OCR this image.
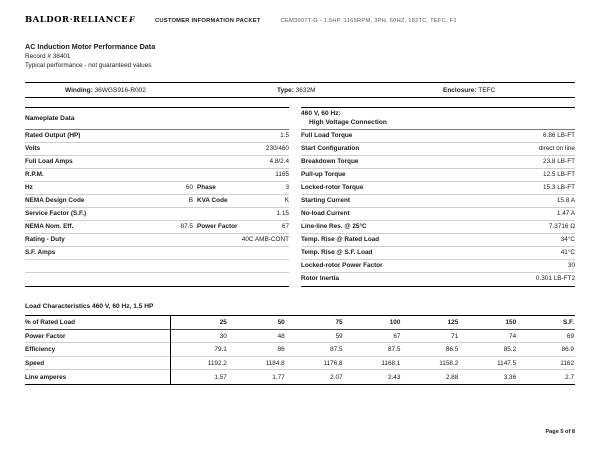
BALDOR·RELIANCEF	CUSTOMER INFORMATION PACKET	CEM3607T-G - 1.5HP, 1165RPM, 3PH, 60HZ, 182TC, TEFC, F1
AC Induction Motor Performance Data
Record # 38401
Typical performance - not guaranteed values
Winding: 36WGS916-R002	Type: 3632M	Enclosure: TEFC
Nameplate Data
Rated Output (HP)	1.5
Volts	230/460
Full Load Amps	4.8/2.4
R.P.M.	1165
Hz	60 Phase	3
NEMA Design Code	B KVA Code	K
Service Factor (S.F.)	1.15
NEMA Nom. Eff.	87.5 Power Factor	67
Rating - Duty	40C AMB-CONT
S.F. Amps
460 V, 60 Hz:
High Voltage Connection
Full Load Torque	6.86 LB-FT
Start Configuration	direct on line
Breakdown Torque	23.8 LB-FT
Pull-up Torque	12.5 LB-FT
Locked-rotor Torque	15.3 LB-FT
Starting Current	15.8 A
No-load Current	1.47 A
Line-line Res. @ 25°C	7.3716 Ω
Temp. Rise @ Rated Load	34°C
Temp. Rise @ S.F. Load	41°C
Locked-rotor Power Factor	30
Rotor Inertia	0.301 LB-FT2
Load Characteristics 460 V, 60 Hz, 1.5 HP
% of Rated Load	25	50	75	100	125	150	S.F.
Power Factor	30	48	59	67	71	74	69
Efficiency	79.1	86	87.5	87.5	86.5	85.2	86.9
Speed	1192.2	1184.8	1176.8	1168.1	1158.2	1147.5	1162
Line amperes	1.57	1.77	2.07	2.43	2.88	3.36	2.7
Page 5 of 8
